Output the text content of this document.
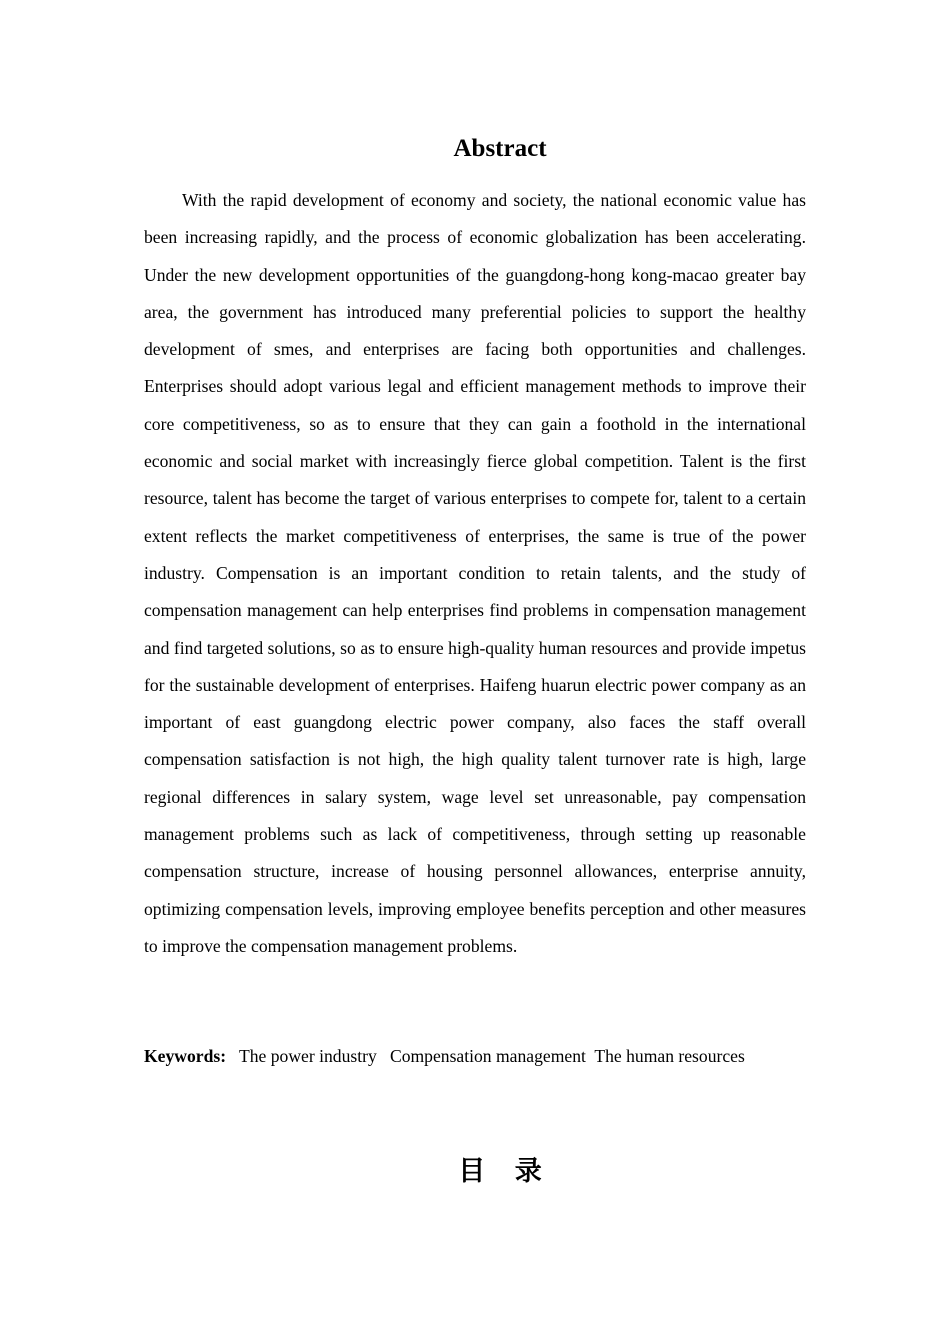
Abstract

With the rapid development of economy and society, the national economic value has been increasing rapidly, and the process of economic globalization has been accelerating. Under the new development opportunities of the guangdong-hong kong-macao greater bay area, the government has introduced many preferential policies to support the healthy development of smes, and enterprises are facing both opportunities and challenges. Enterprises should adopt various legal and efficient management methods to improve their core competitiveness, so as to ensure that they can gain a foothold in the international economic and social market with increasingly fierce global competition. Talent is the first resource, talent has become the target of various enterprises to compete for, talent to a certain extent reflects the market competitiveness of enterprises, the same is true of the power industry. Compensation is an important condition to retain talents, and the study of compensation management can help enterprises find problems in compensation management and find targeted solutions, so as to ensure high-quality human resources and provide impetus for the sustainable development of enterprises. Haifeng huarun electric power company as an important of east guangdong electric power company, also faces the staff overall compensation satisfaction is not high, the high quality talent turnover rate is high, large regional differences in salary system, wage level set unreasonable, pay compensation management problems such as lack of competitiveness, through setting up reasonable compensation structure, increase of housing personnel allowances, enterprise annuity, optimizing compensation levels, improving employee benefits perception and other measures to improve the compensation management problems.

Keywords:   The power industry   Compensation management  The human resources

目 录
